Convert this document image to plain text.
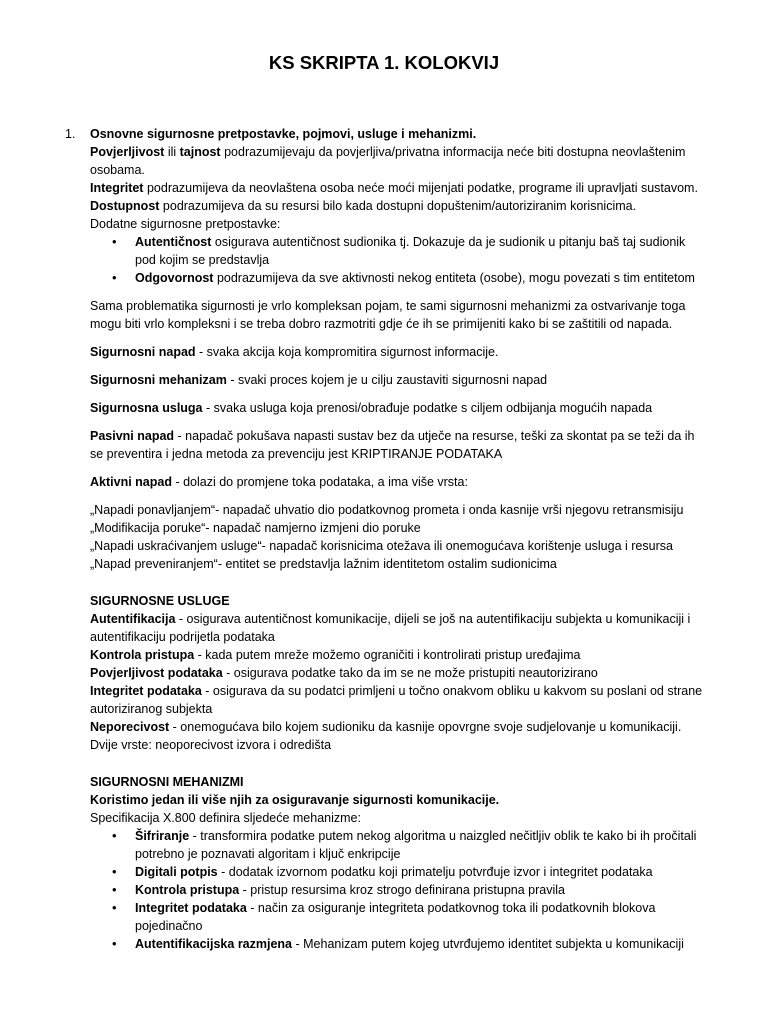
KS SKRIPTA 1. KOLOKVIJ
1. Osnovne sigurnosne pretpostavke, pojmovi, usluge i mehanizmi.

Povjerljivost ili tajnost podrazumijevaju da povjerljiva/privatna informacija neće biti dostupna neovlaštenim osobama.

Integritet podrazumijeva da neovlaštena osoba neće moći mijenjati podatke, programe ili upravljati sustavom.

Dostupnost podrazumijeva da su resursi bilo kada dostupni dopuštenim/autoriziranim korisnicima.

Dodatne sigurnosne pretpostavke:

• Autentičnost osigurava autentičnost sudionika tj. Dokazuje da je sudionik u pitanju baš taj sudionik pod kojim se predstavlja
• Odgovornost podrazumijeva da sve aktivnosti nekog entiteta (osobe), mogu povezati s tim entitetom

Sama problematika sigurnosti je vrlo kompleksan pojam, te sami sigurnosni mehanizmi za ostvarivanje toga mogu biti vrlo kompleksni i se treba dobro razmotriti gdje će ih se primijeniti kako bi se zaštitili od napada.

Sigurnosni napad - svaka akcija koja kompromitira sigurnost informacije.

Sigurnosni mehanizam - svaki proces kojem je u cilju zaustaviti sigurnosni napad

Sigurnosna usluga - svaka usluga koja prenosi/obrađuje podatke s ciljem odbijanja mogućih napada

Pasivni napad - napadač pokušava napasti sustav bez da utječe na resurse, teški za skontat pa se teži da ih se preventira i jedna metoda za prevenciju jest KRIPTIRANJE PODATAKA

Aktivni napad - dolazi do promjene toka podataka, a ima više vrsta:

„Napadi ponavljanjem“- napadač uhvatio dio podatkovnog prometa i onda kasnije vrši njegovu retransmisiju

„Modifikacija poruke“- napadač namjerno izmjeni dio poruke

„Napadi uskraćivanjem usluge“- napadač korisnicima otežava ili onemogućava korištenje usluga i resursa

„Napad preveniranjem“- entitet se predstavlja lažnim identitetom ostalim sudionicima

SIGURNOSNE USLUGE

Autentifikacija - osigurava autentičnost komunikacije, dijeli se još na autentifikaciju subjekta u komunikaciji i autentifikaciju podrijetla podataka

Kontrola pristupa - kada putem mreže možemo ograničiti i kontrolirati pristup uređajima

Povjerljivost podataka - osigurava podatke tako da im se ne može pristupiti neautorizirano

Integritet podataka - osigurava da su podatci primljeni u točno onakvom obliku u kakvom su poslani od strane autoriziranog subjekta

Neporecivost - onemogućava bilo kojem sudioniku da kasnije opovrgne svoje sudjelovanje u komunikaciji. Dvije vrste: neoporecivost izvora i odredišta

SIGURNOSNI MEHANIZMI

Koristimo jedan ili više njih za osiguravanje sigurnosti komunikacije.

Specifikacija X.800 definira sljedeće mehanizme:

• Šifriranje - transformira podatke putem nekog algoritma u naizgled nečitljiv oblik te kako bi ih pročitali potrebno je poznavati algoritam i ključ enkripcije
• Digitali potpis - dodatak izvornom podatku koji primatelju potvrđuje izvor i integritet podataka
• Kontrola pristupa - pristup resursima kroz strogo definirana pristupna pravila
• Integritet podataka - način za osiguranje integriteta podatkovnog toka ili podatkovnih blokova pojedinačno
• Autentifikacijska razmjena - Mehanizam putem kojeg utvrđujemo identitet subjekta u komunikaciji
